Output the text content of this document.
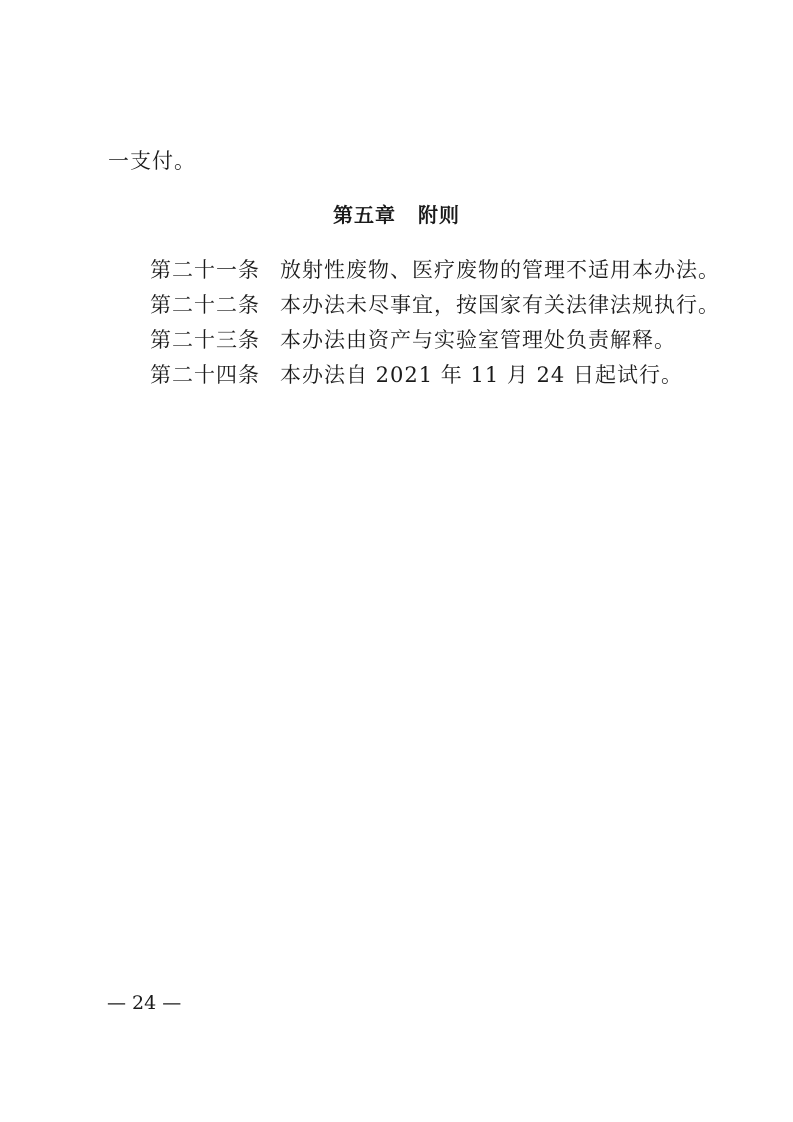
一支付。
第五章 附则
第二十一条 放射性废物、医疗废物的管理不适用本办法。
第二十二条 本办法未尽事宜，按国家有关法律法规执行。
第二十三条 本办法由资产与实验室管理处负责解释。
第二十四条 本办法自 2021 年 11 月 24 日起试行。
— 24 —
